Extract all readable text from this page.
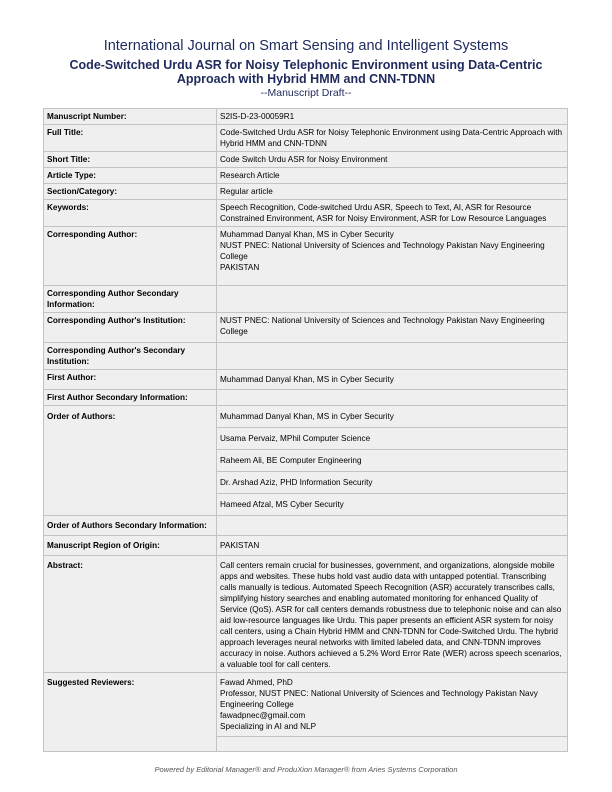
International Journal on Smart Sensing and Intelligent Systems
Code-Switched Urdu ASR for Noisy Telephonic Environment using Data-Centric
Approach with Hybrid HMM and CNN-TDNN
--Manuscript Draft--
Manuscript Number:	S2IS-D-23-00059R1
Full Title:	Code-Switched Urdu ASR for Noisy Telephonic Environment using Data-Centric Approach with Hybrid HMM and CNN-TDNN
Short Title:	Code Switch Urdu ASR for Noisy Environment
Article Type:	Research Article
Section/Category:	Regular article
Keywords:	Speech Recognition, Code-switched Urdu ASR, Speech to Text, AI, ASR for Resource Constrained Environment, ASR for Noisy Environment, ASR for Low Resource Languages
Corresponding Author:	Muhammad Danyal Khan, MS in Cyber Security
NUST PNEC: National University of Sciences and Technology Pakistan Navy Engineering College
PAKISTAN

Corresponding Author Secondary Information:	
Corresponding Author's Institution:	NUST PNEC: National University of Sciences and Technology Pakistan Navy Engineering College
Corresponding Author's Secondary Institution:	
First Author:	Muhammad Danyal Khan, MS in Cyber Security
First Author Secondary Information:	
Order of Authors:	Muhammad Danyal Khan, MS in Cyber Security
	Usama Pervaiz, MPhil Computer Science
	Raheem Ali, BE Computer Engineering
	Dr. Arshad Aziz, PHD Information Security
	Hameed Afzal, MS Cyber Security
Order of Authors Secondary Information:	
Manuscript Region of Origin:	PAKISTAN
Abstract:	Call centers remain crucial for businesses, government, and organizations, alongside mobile apps and websites. These hubs hold vast audio data with untapped potential. Transcribing calls manually is tedious. Automated Speech Recognition (ASR) accurately transcribes calls, simplifying history searches and enabling automated monitoring for enhanced Quality of Service (QoS). ASR for call centers demands robustness due to telephonic noise and can also aid low-resource languages like Urdu. This paper presents an efficient ASR system for noisy call centers, using a Chain Hybrid HMM and CNN-TDNN for Code-Switched Urdu. The hybrid approach leverages neural networks with limited labeled data, and CNN-TDNN improves accuracy in noise. Authors achieved a 5.2% Word Error Rate (WER) across speech scenarios, a valuable tool for call centers.
Suggested Reviewers:	Fawad Ahmed, PhD
Professor, NUST PNEC: National University of Sciences and Technology Pakistan Navy Engineering College
fawadpnec@gmail.com
Specializing in AI and NLP

Powered by Editorial Manager® and ProduXion Manager® from Aries Systems Corporation
